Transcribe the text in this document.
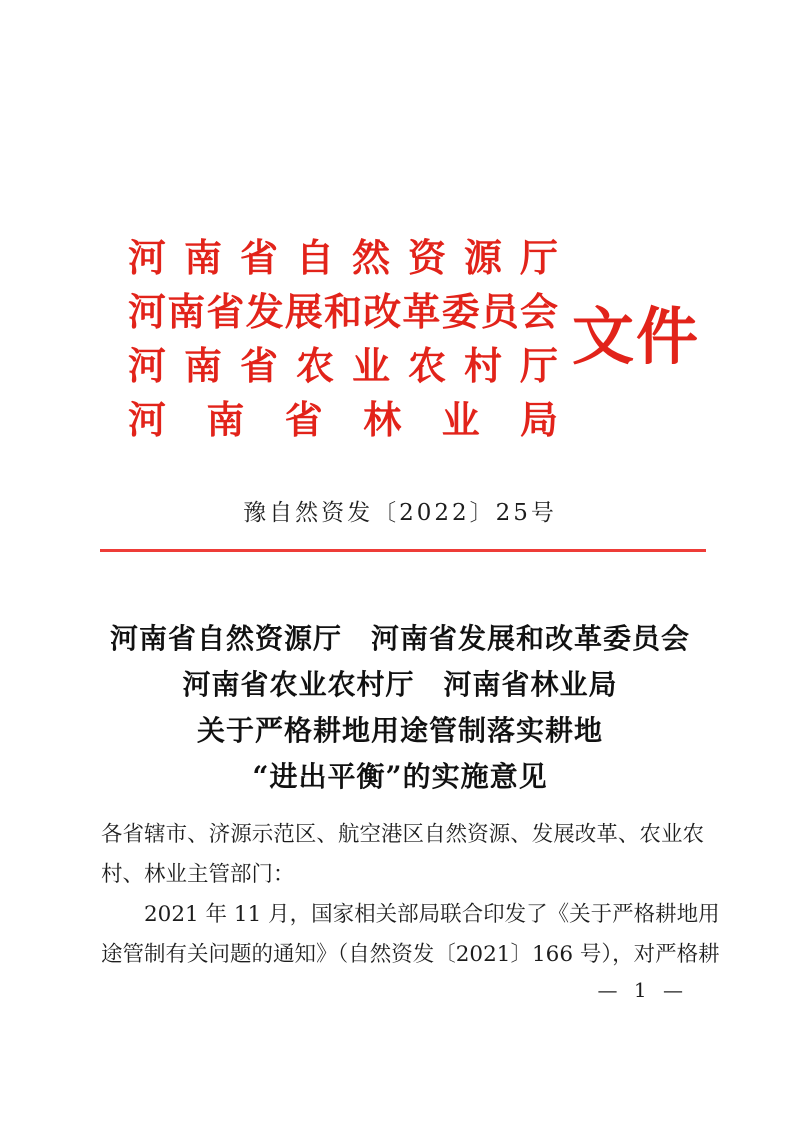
河南省自然资源厅
河南省发展和改革委员会
河南省农业农村厅
河南省林业局
文件
豫自然资发〔2022〕25号
河南省自然资源厅　河南省发展和改革委员会
河南省农业农村厅　河南省林业局
关于严格耕地用途管制落实耕地
“进出平衡”的实施意见

各省辖市、济源示范区、航空港区自然资源、发展改革、农业农

村、林业主管部门：

2021 年 11 月，国家相关部局联合印发了《关于严格耕地用

途管制有关问题的通知》（自然资发〔2021〕166 号），对严格耕

— 1 —
